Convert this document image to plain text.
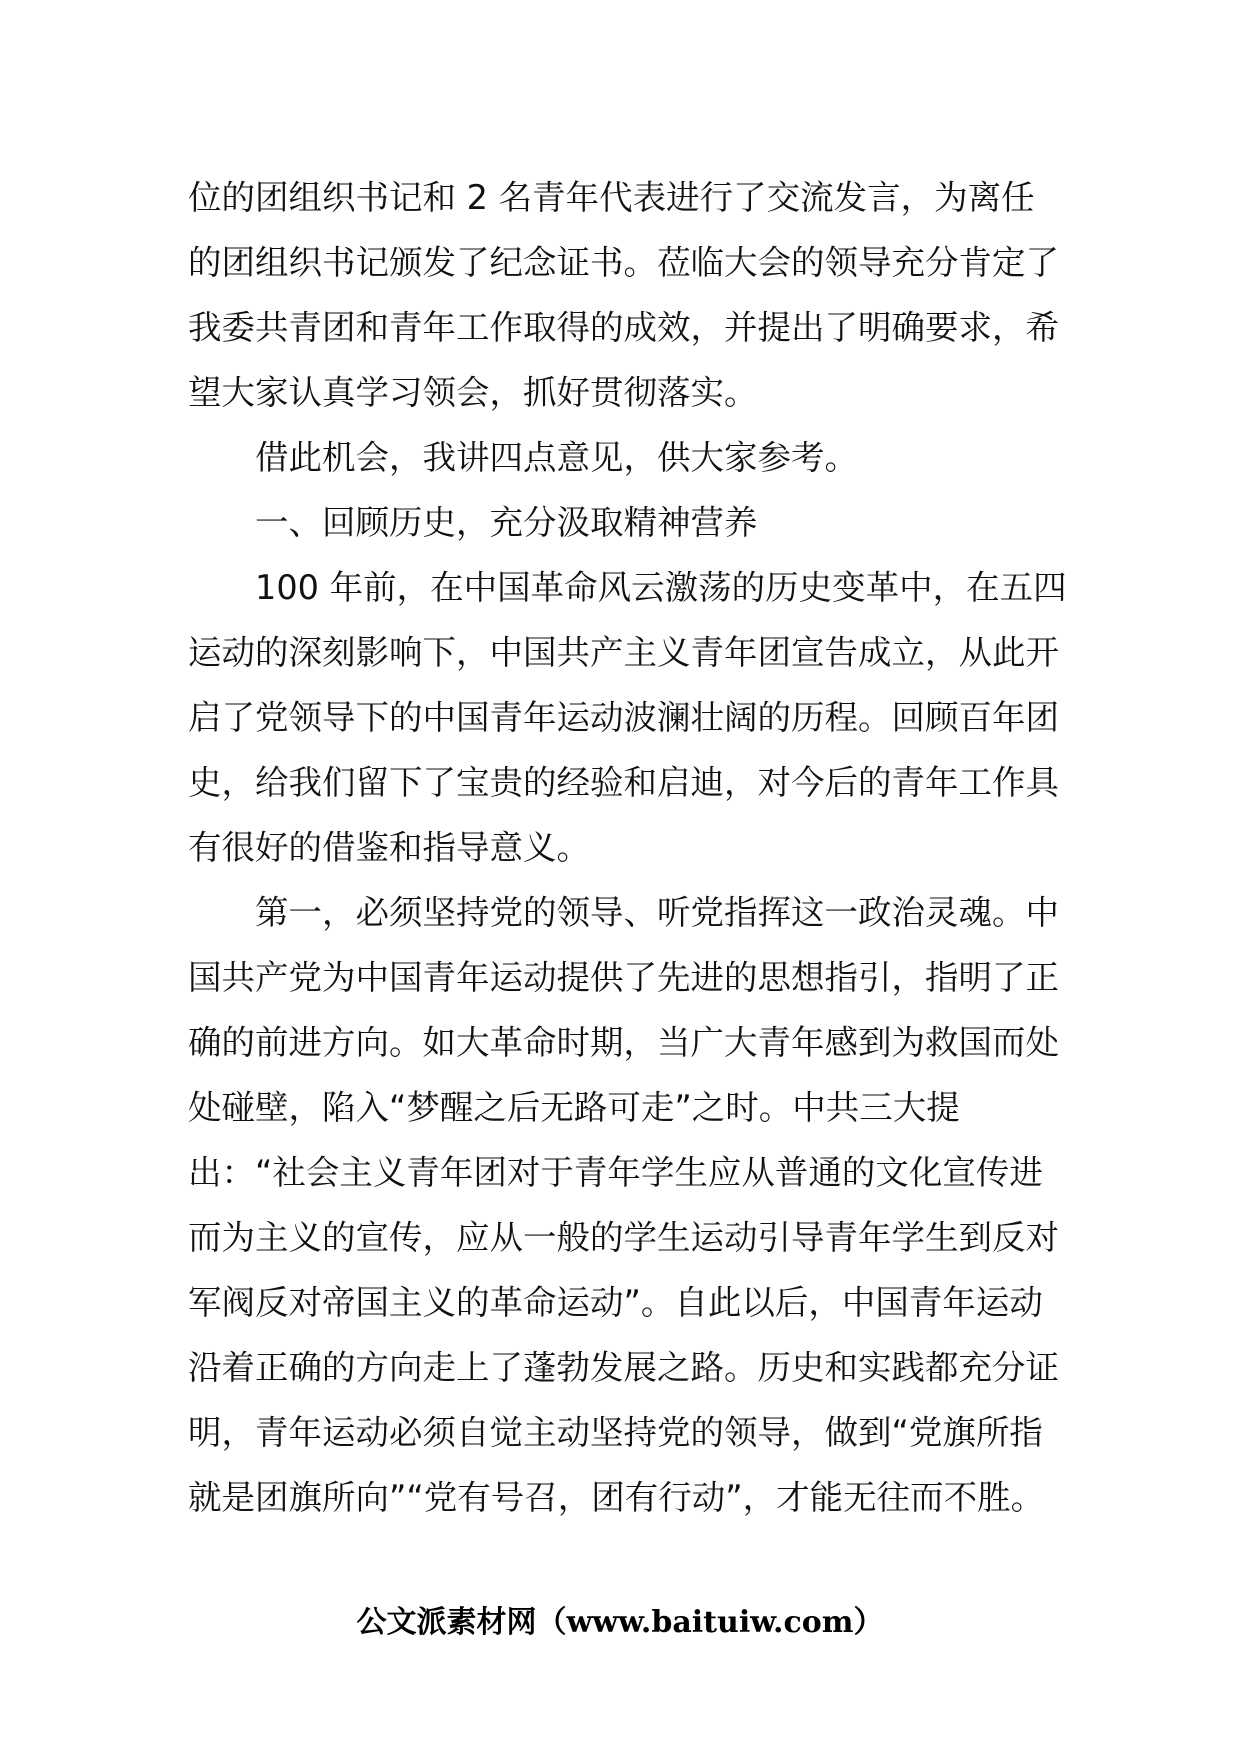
位的团组织书记和 2 名青年代表进行了交流发言，为离任的团组织书记颁发了纪念证书。莅临大会的领导充分肯定了我委共青团和青年工作取得的成效，并提出了明确要求，希望大家认真学习领会，抓好贯彻落实。

借此机会，我讲四点意见，供大家参考。

一、回顾历史，充分汲取精神营养

100 年前，在中国革命风云激荡的历史变革中，在五四运动的深刻影响下，中国共产主义青年团宣告成立，从此开启了党领导下的中国青年运动波澜壮阔的历程。回顾百年团史，给我们留下了宝贵的经验和启迪，对今后的青年工作具有很好的借鉴和指导意义。

第一，必须坚持党的领导、听党指挥这一政治灵魂。中国共产党为中国青年运动提供了先进的思想指引，指明了正确的前进方向。如大革命时期，当广大青年感到为救国而处处碰壁，陷入“梦醒之后无路可走”之时。中共三大提出：“社会主义青年团对于青年学生应从普通的文化宣传进而为主义的宣传，应从一般的学生运动引导青年学生到反对军阀反对帝国主义的革命运动”。自此以后，中国青年运动沿着正确的方向走上了蓬勃发展之路。历史和实践都充分证明，青年运动必须自觉主动坚持党的领导，做到“党旗所指就是团旗所向”“党有号召，团有行动”，才能无往而不胜。

公文派素材网（www.baituiw.com）
